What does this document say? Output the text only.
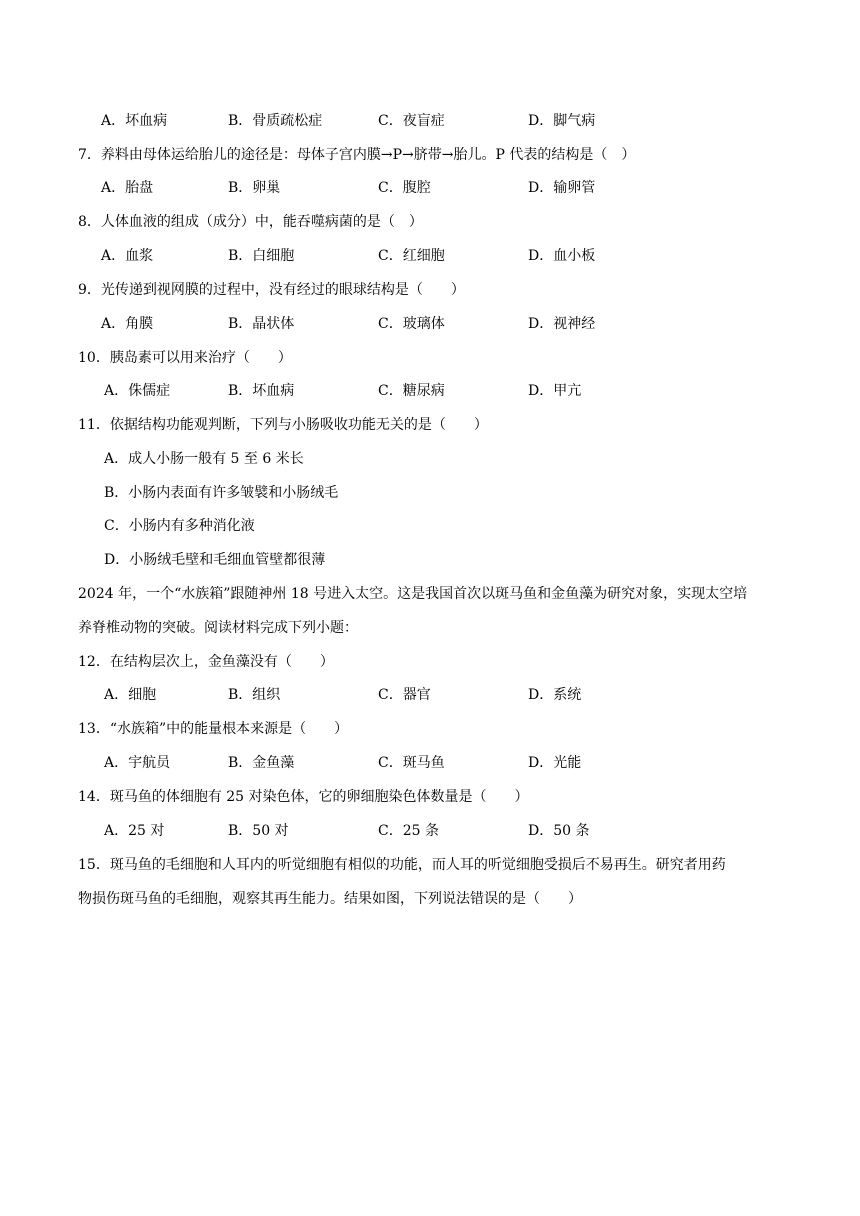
A．坏血病	B．骨质疏松症	C．夜盲症	D．脚气病
7．养料由母体运给胎儿的途径是：母体子宫内膜→P→脐带→胎儿。P 代表的结构是（　）
A．胎盘	B．卵巢	C．腹腔	D．输卵管
8．人体血液的组成（成分）中，能吞噬病菌的是（　）
A．血浆	B．白细胞	C．红细胞	D．血小板
9．光传递到视网膜的过程中，没有经过的眼球结构是（　　）
A．角膜	B．晶状体	C．玻璃体	D．视神经
10．胰岛素可以用来治疗（　　）
A．侏儒症	B．坏血病	C．糖尿病	D．甲亢
11．依据结构功能观判断，下列与小肠吸收功能无关的是（　　）
A．成人小肠一般有 5 至 6 米长
B．小肠内表面有许多皱襞和小肠绒毛
C．小肠内有多种消化液
D．小肠绒毛壁和毛细血管壁都很薄
2024 年，一个“水族箱”跟随神州 18 号进入太空。这是我国首次以斑马鱼和金鱼藻为研究对象，实现太空培
养脊椎动物的突破。阅读材料完成下列小题：
12．在结构层次上，金鱼藻没有（　　）
A．细胞	B．组织	C．器官	D．系统
13．“水族箱”中的能量根本来源是（　　）
A．宇航员	B．金鱼藻	C．斑马鱼	D．光能
14．斑马鱼的体细胞有 25 对染色体，它的卵细胞染色体数量是（　　）
A．25 对	B．50 对	C．25 条	D．50 条
15．斑马鱼的毛细胞和人耳内的听觉细胞有相似的功能，而人耳的听觉细胞受损后不易再生。研究者用药
物损伤斑马鱼的毛细胞，观察其再生能力。结果如图，下列说法错误的是（　　）
